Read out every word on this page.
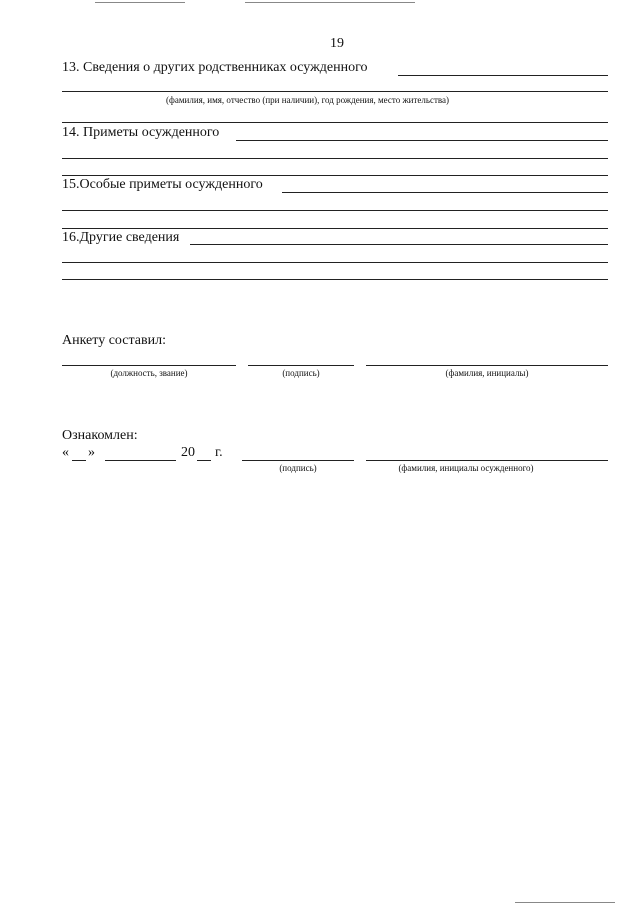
19
13. Сведения о других родственниках осужденного
(фамилия, имя, отчество (при наличии), год рождения, место жительства)
14. Приметы осужденного
15.Особые приметы осужденного
16.Другие сведения
Анкету составил:
(должность, звание)	(подпись)	(фамилия, инициалы)
Ознакомлен:
« »	20 г.
(подпись)	(фамилия, инициалы осужденного)
